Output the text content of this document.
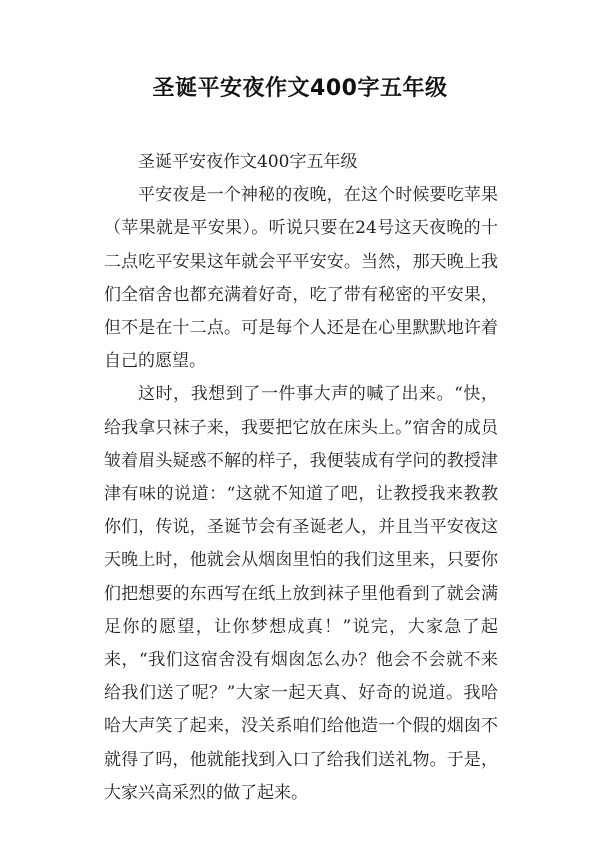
圣诞平安夜作文400字五年级

圣诞平安夜作文400字五年级

平安夜是一个神秘的夜晚，在这个时候要吃苹果（苹果就是平安果）。听说只要在24号这天夜晚的十二点吃平安果这年就会平平安安。当然，那天晚上我们全宿舍也都充满着好奇，吃了带有秘密的平安果，但不是在十二点。可是每个人还是在心里默默地许着自己的愿望。

这时，我想到了一件事大声的喊了出来。“快，给我拿只袜子来，我要把它放在床头上。”宿舍的成员皱着眉头疑惑不解的样子，我便装成有学问的教授津津有味的说道：“这就不知道了吧，让教授我来教教你们，传说，圣诞节会有圣诞老人，并且当平安夜这天晚上时，他就会从烟囱里怕的我们这里来，只要你们把想要的东西写在纸上放到袜子里他看到了就会满足你的愿望，让你梦想成真！”说完，大家急了起来，“我们这宿舍没有烟囱怎么办？他会不会就不来给我们送了呢？”大家一起天真、好奇的说道。我哈哈大声笑了起来，没关系咱们给他造一个假的烟囱不就得了吗，他就能找到入口了给我们送礼物。于是，大家兴高采烈的做了起来。
